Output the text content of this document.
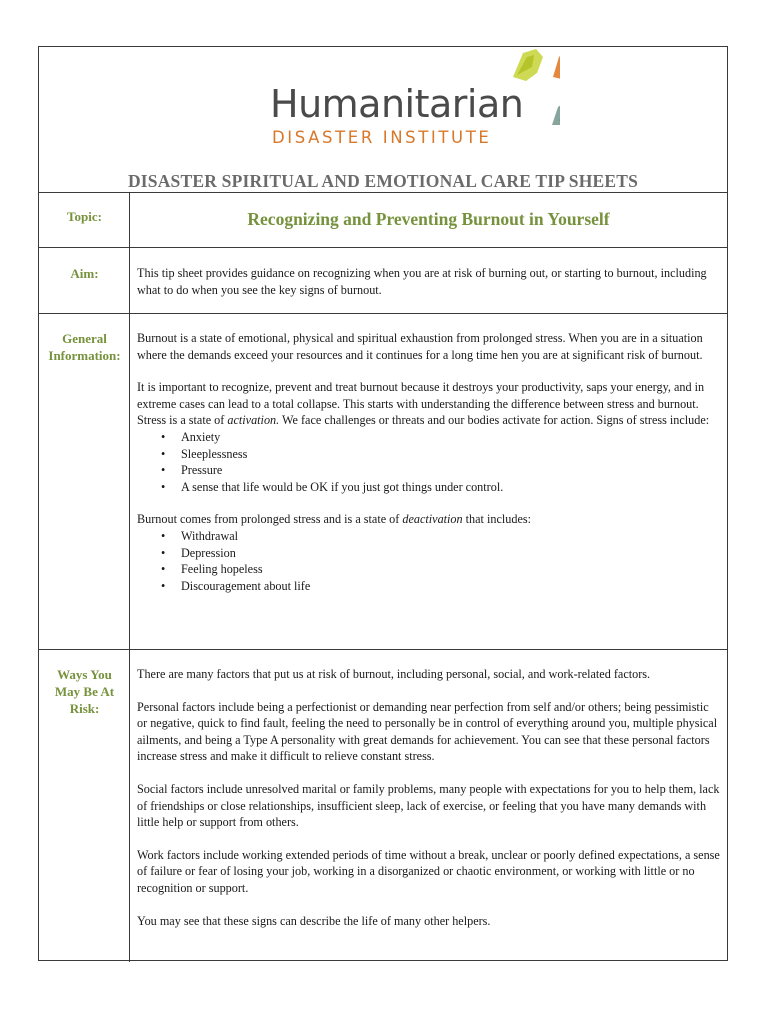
Humanitarian
DISASTER INSTITUTE
DISASTER SPIRITUAL AND EMOTIONAL CARE TIP SHEETS
Topic:	Recognizing and Preventing Burnout in Yourself
Aim:	This tip sheet provides guidance on recognizing when you are at risk of burning out, or starting to burnout, including what to do when you see the key signs of burnout.

General
Information:

Burnout is a state of emotional, physical and spiritual exhaustion from prolonged stress. When you are in a situation where the demands exceed your resources and it continues for a long time hen you are at significant risk of burnout.

It is important to recognize, prevent and treat burnout because it destroys your productivity, saps your energy, and in extreme cases can lead to a total collapse. This starts with understanding the difference between stress and burnout. Stress is a state of activation. We face challenges or threats and our bodies activate for action. Signs of stress include:

• Anxiety
• Sleeplessness
• Pressure
• A sense that life would be OK if you just got things under control.

Burnout comes from prolonged stress and is a state of deactivation that includes:

• Withdrawal
• Depression
• Feeling hopeless
• Discouragement about life
Ways You
May Be At
Risk:

There are many factors that put us at risk of burnout, including personal, social, and work-related factors.

Personal factors include being a perfectionist or demanding near perfection from self and/or others; being pessimistic or negative, quick to find fault, feeling the need to personally be in control of everything around you, multiple physical ailments, and being a Type A personality with great demands for achievement. You can see that these personal factors increase stress and make it difficult to relieve constant stress.

Social factors include unresolved marital or family problems, many people with expectations for you to help them, lack of friendships or close relationships, insufficient sleep, lack of exercise, or feeling that you have many demands with little help or support from others.

Work factors include working extended periods of time without a break, unclear or poorly defined expectations, a sense of failure or fear of losing your job, working in a disorganized or chaotic environment, or working with little or no recognition or support.

You may see that these signs can describe the life of many other helpers.
